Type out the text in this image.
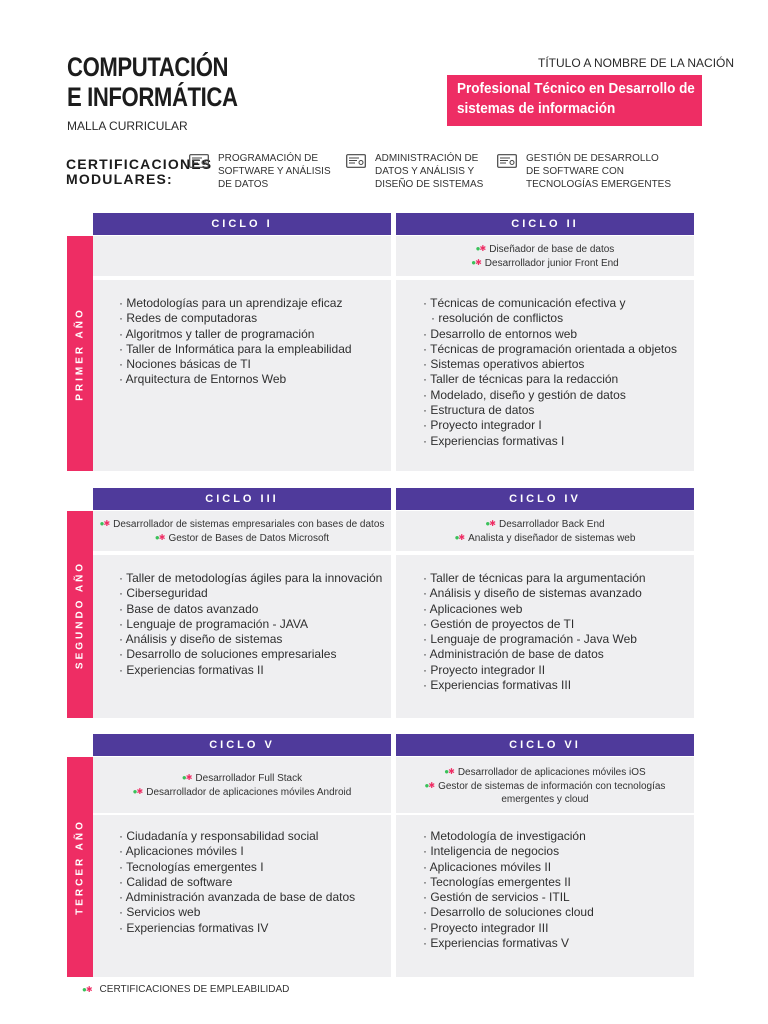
COMPUTACIÓN
E INFORMÁTICA
MALLA CURRICULAR
TÍTULO A NOMBRE DE LA NACIÓN
Profesional Técnico en Desarrollo de
sistemas de información
CERTIFICACIONES
MODULARES:
PROGRAMACIÓN DE
SOFTWARE Y ANÁLISIS
DE DATOS
ADMINISTRACIÓN DE
DATOS Y ANÁLISIS Y
DISEÑO DE SISTEMAS
GESTIÓN DE DESARROLLO
DE SOFTWARE CON
TECNOLOGÍAS EMERGENTES
PRIMER AÑO
CICLO I	CICLO II
●✱ Diseñador de base de datos
●✱ Desarrollador junior Front End
· Metodologías para un aprendizaje eficaz
· Redes de computadoras
· Algoritmos y taller de programación
· Taller de Informática para la empleabilidad
· Nociones básicas de TI
· Arquitectura de Entornos Web
· Técnicas de comunicación efectiva y
· resolución de conflictos
· Desarrollo de entornos web
· Técnicas de programación orientada a objetos
· Sistemas operativos abiertos
· Taller de técnicas para la redacción
· Modelado, diseño y gestión de datos
· Estructura de datos
· Proyecto integrador I
· Experiencias formativas I
SEGUNDO AÑO
CICLO III	CICLO IV
●✱ Desarrollador de sistemas empresariales con bases de datos
●✱ Gestor de Bases de Datos Microsoft
●✱ Desarrollador Back End
●✱ Analista y diseñador de sistemas web
· Taller de metodologías ágiles para la innovación
· Ciberseguridad
· Base de datos avanzado
· Lenguaje de programación - JAVA
· Análisis y diseño de sistemas
· Desarrollo de soluciones empresariales
· Experiencias formativas II
· Taller de técnicas para la argumentación
· Análisis y diseño de sistemas avanzado
· Aplicaciones web
· Gestión de proyectos de TI
· Lenguaje de programación - Java Web
· Administración de base de datos
· Proyecto integrador II
· Experiencias formativas III
TERCER AÑO
CICLO V	CICLO VI
●✱ Desarrollador Full Stack
●✱ Desarrollador de aplicaciones móviles Android
●✱ Desarrollador de aplicaciones móviles iOS
●✱ Gestor de sistemas de información con tecnologías
emergentes y cloud
· Ciudadanía y responsabilidad social
· Aplicaciones móviles I
· Tecnologías emergentes I
· Calidad de software
· Administración avanzada de base de datos
· Servicios web
· Experiencias formativas IV
· Metodología de investigación
· Inteligencia de negocios
· Aplicaciones móviles II
· Tecnologías emergentes II
· Gestión de servicios - ITIL
· Desarrollo de soluciones cloud
· Proyecto integrador III
· Experiencias formativas V
●✱ CERTIFICACIONES DE EMPLEABILIDAD
